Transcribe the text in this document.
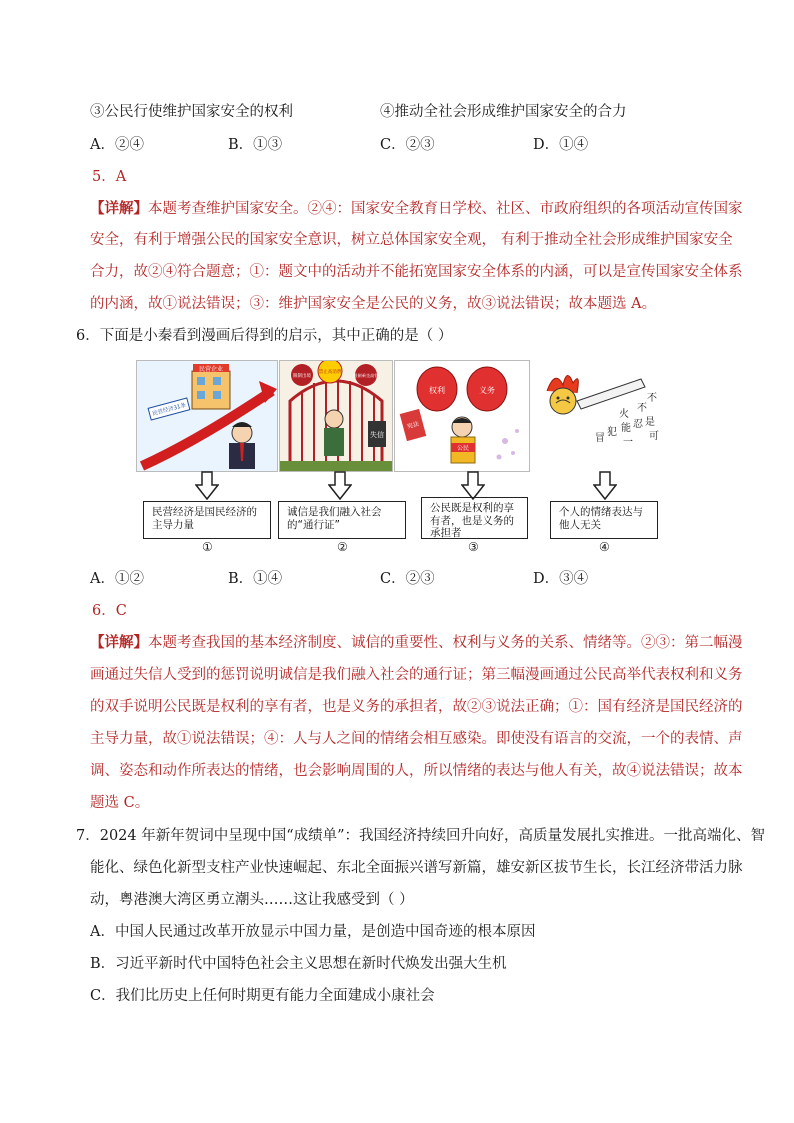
③公民行使维护国家安全的权利	④推动全社会形成维护国家安全的合力
A．②④	B．①③	C．②③	D．①④
5．A
【详解】本题考查维护国家安全。②④：国家安全教育日学校、社区、市政府组织的各项活动宣传国家
安全，有利于增强公民的国家安全意识，树立总体国家安全观， 有利于推动全社会形成维护国家安全
合力，故②④符合题意；①：题文中的活动并不能拓宽国家安全体系的内涵，可以是宣传国家安全体系
的内涵，故①说法错误；③：维护国家安全是公民的义务，故③说法错误；故本题选 A。
6．下面是小秦看到漫画后得到的启示，其中正确的是（ ）
民营企业
民营经济31条
限制出境
禁止高消费
限制乘坐高铁
失信
权利	义务
宪法
公民
冒
犯
火
不
能 忍 是
一
不
可
民营经济是国民经济的主导力量
诚信是我们融入社会的“通行证”
公民既是权利的享有者，也是义务的承担者
个人的情绪表达与他人无关
①	②	③	④
A．①②	B．①④	C．②③	D．③④
6．C
【详解】本题考查我国的基本经济制度、诚信的重要性、权利与义务的关系、情绪等。②③：第二幅漫
画通过失信人受到的惩罚说明诚信是我们融入社会的通行证；第三幅漫画通过公民高举代表权利和义务
的双手说明公民既是权利的享有者，也是义务的承担者，故②③说法正确；①：国有经济是国民经济的
主导力量，故①说法错误；④：人与人之间的情绪会相互感染。即使没有语言的交流，一个的表情、声
调、姿态和动作所表达的情绪，也会影响周围的人，所以情绪的表达与他人有关，故④说法错误；故本
题选 C。
7．2024 年新年贺词中呈现中国“成绩单”：我国经济持续回升向好，高质量发展扎实推进。一批高端化、智
能化、绿色化新型支柱产业快速崛起、东北全面振兴谱写新篇，雄安新区拔节生长，长江经济带活力脉
动，粤港澳大湾区勇立潮头……这让我感受到（ ）
A．中国人民通过改革开放显示中国力量，是创造中国奇迹的根本原因
B．习近平新时代中国特色社会主义思想在新时代焕发出强大生机
C．我们比历史上任何时期更有能力全面建成小康社会
